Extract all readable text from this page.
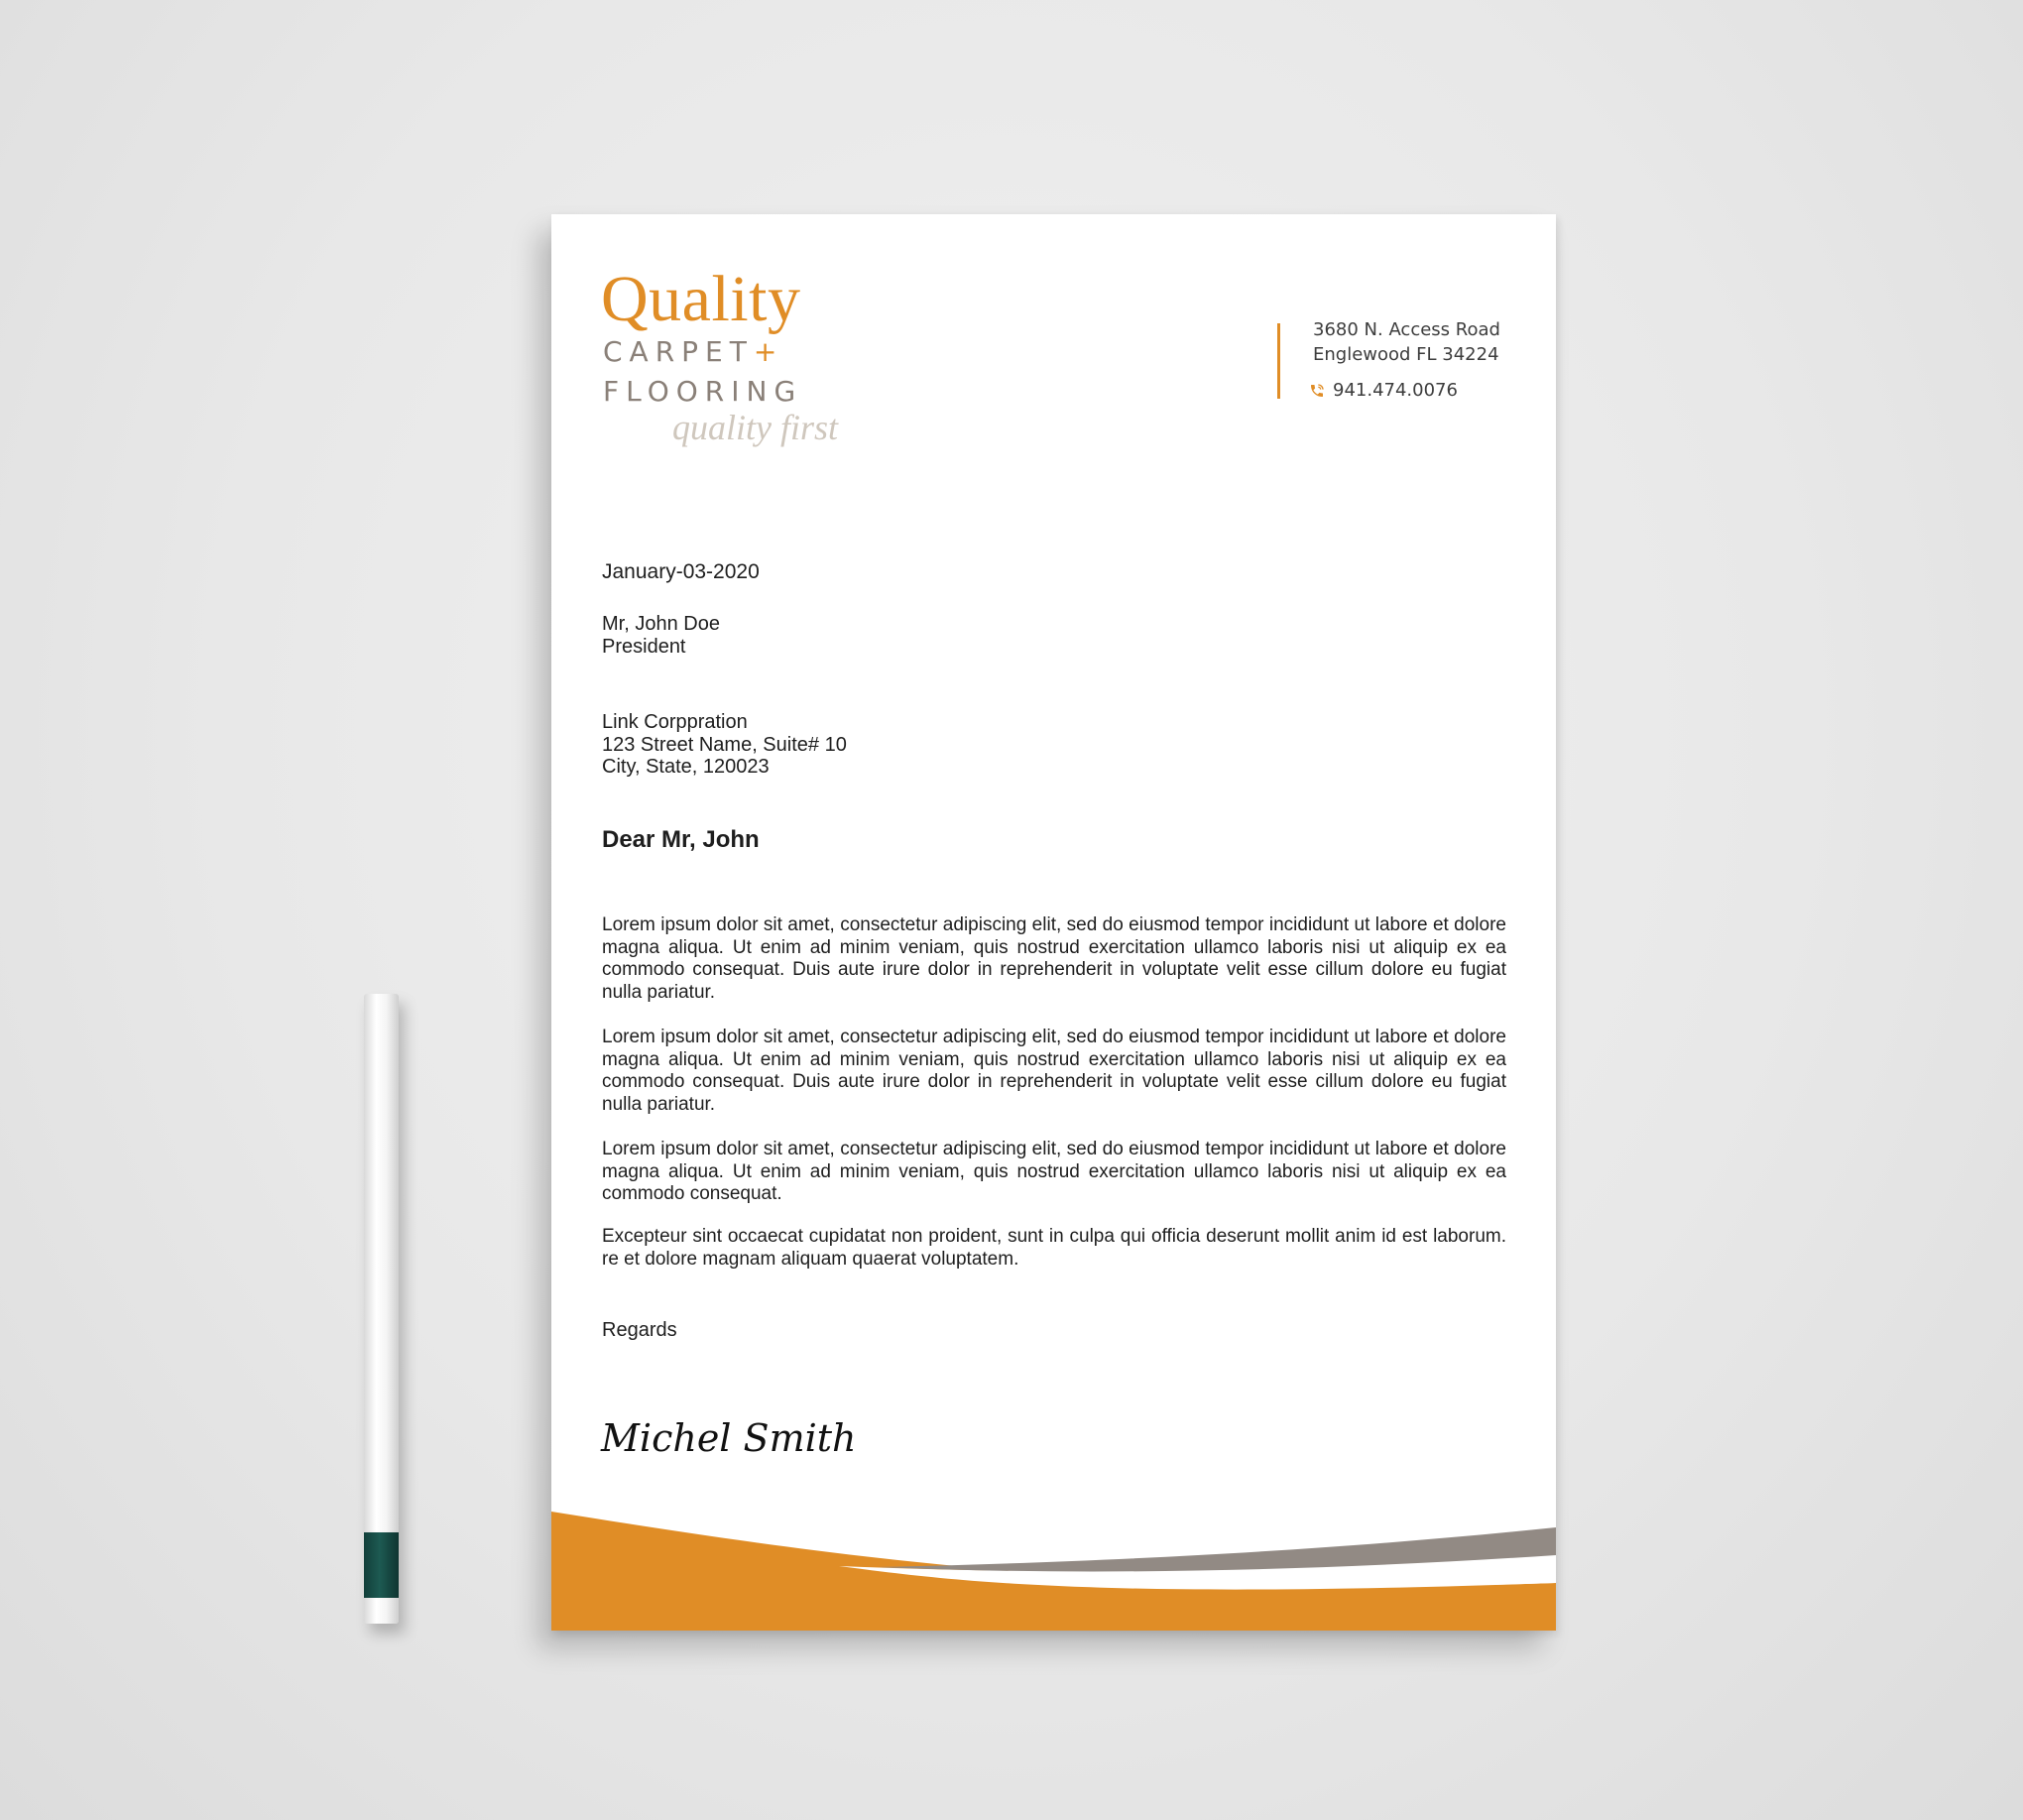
Quality
CARPET+
FLOORING
quality first
3680 N. Access Road
Englewood FL 34224
941.474.0076
January-03-2020
Mr, John Doe
President
Link Corppration
123 Street Name, Suite# 10
City, State, 120023
Dear Mr, John
Lorem ipsum dolor sit amet, consectetur adipiscing elit, sed do eiusmod tempor incididunt ut labore et dolore magna aliqua. Ut enim ad minim veniam, quis nostrud exercitation ullamco laboris nisi ut aliquip ex ea commodo consequat. Duis aute irure dolor in reprehenderit in voluptate velit esse cillum dolore eu fugiat nulla pariatur.
Lorem ipsum dolor sit amet, consectetur adipiscing elit, sed do eiusmod tempor incididunt ut labore et dolore magna aliqua. Ut enim ad minim veniam, quis nostrud exercitation ullamco laboris nisi ut aliquip ex ea commodo consequat. Duis aute irure dolor in reprehenderit in voluptate velit esse cillum dolore eu fugiat nulla pariatur.
Lorem ipsum dolor sit amet, consectetur adipiscing elit, sed do eiusmod tempor incididunt ut labore et dolore magna aliqua. Ut enim ad minim veniam, quis nostrud exercitation ullamco laboris nisi ut aliquip ex ea commodo consequat.
Excepteur sint occaecat cupidatat non proident, sunt in culpa qui officia deserunt mollit anim id est laborum. re et dolore magnam aliquam quaerat voluptatem.
Regards
Michel Smith
